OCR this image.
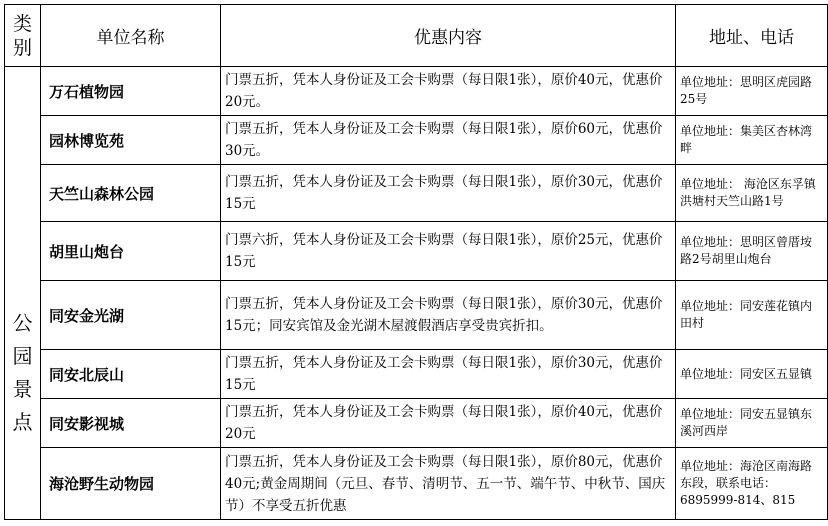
类别	单位名称	优惠内容	地址、电话
公园景点	万石植物园	门票五折，凭本人身份证及工会卡购票（每日限1张），原价40元，优惠价20元。	单位地址：思明区虎园路25号
	园林博览苑	门票五折，凭本人身份证及工会卡购票（每日限1张），原价60元，优惠价30元。	单位地址：集美区杏林湾畔
	天竺山森林公园	门票五折，凭本人身份证及工会卡购票（每日限1张），原价30元，优惠价15元	单位地址： 海沧区东孚镇洪塘村天竺山路1号
	胡里山炮台	门票六折，凭本人身份证及工会卡购票（每日限1张），原价25元，优惠价15元	单位地址：思明区曾厝垵路2号胡里山炮台
	同安金光湖	门票五折，凭本人身份证及工会卡购票（每日限1张），原价30元，优惠价15元；同安宾馆及金光湖木屋渡假酒店享受贵宾折扣。	单位地址：同安莲花镇内田村
	同安北辰山	门票五折，凭本人身份证及工会卡购票（每日限1张），原价30元，优惠价15元	单位地址：同安区五显镇
	同安影视城	门票五折，凭本人身份证及工会卡购票（每日限1张），原价40元，优惠价20元	单位地址：同安五显镇东溪河西岸
	海沧野生动物园	门票五折，凭本人身份证及工会卡购票（每日限1张），原价80元，优惠价40元;黄金周期间（元旦、春节、清明节、五一节、端午节、中秋节、国庆节）不享受五折优惠	单位地址：海沧区南海路东段，联系电话：6895999-814、815
